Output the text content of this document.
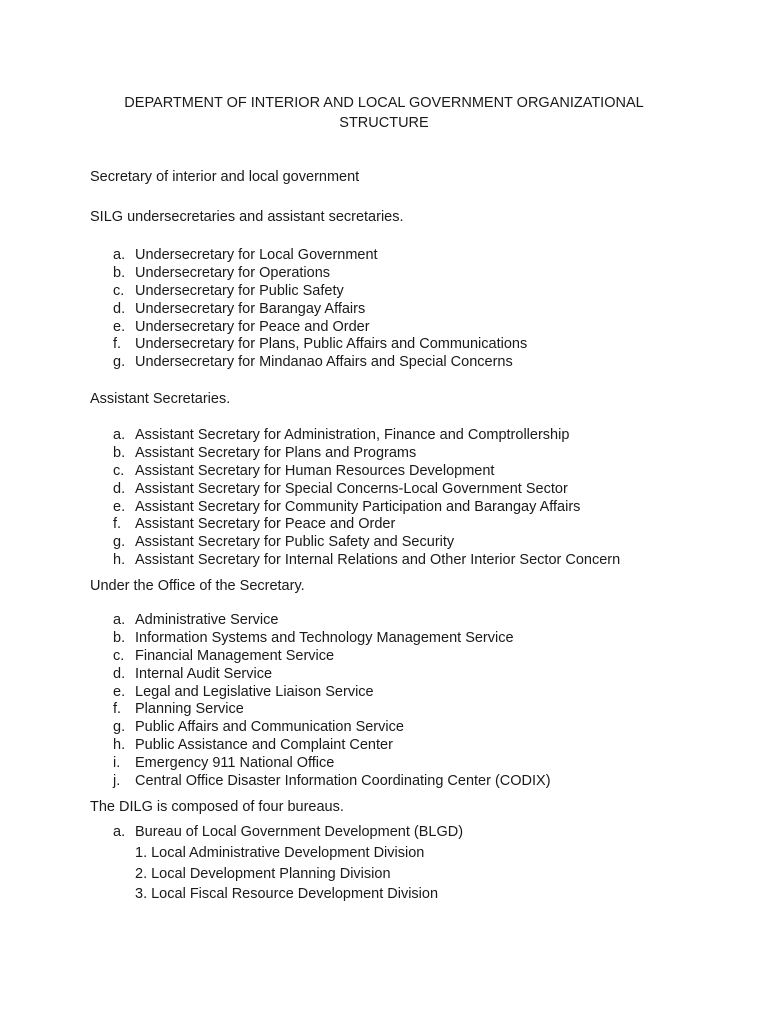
DEPARTMENT OF INTERIOR AND LOCAL GOVERNMENT ORGANIZATIONAL
STRUCTURE
Secretary of interior and local government
SILG undersecretaries and assistant secretaries.
a. Undersecretary for Local Government
b. Undersecretary for Operations
c. Undersecretary for Public Safety
d. Undersecretary for Barangay Affairs
e. Undersecretary for Peace and Order
f. Undersecretary for Plans, Public Affairs and Communications
g. Undersecretary for Mindanao Affairs and Special Concerns
Assistant Secretaries.
a. Assistant Secretary for Administration, Finance and Comptrollership
b. Assistant Secretary for Plans and Programs
c. Assistant Secretary for Human Resources Development
d. Assistant Secretary for Special Concerns-Local Government Sector
e. Assistant Secretary for Community Participation and Barangay Affairs
f. Assistant Secretary for Peace and Order
g. Assistant Secretary for Public Safety and Security
h. Assistant Secretary for Internal Relations and Other Interior Sector Concern
Under the Office of the Secretary.
a. Administrative Service
b. Information Systems and Technology Management Service
c. Financial Management Service
d. Internal Audit Service
e. Legal and Legislative Liaison Service
f. Planning Service
g. Public Affairs and Communication Service
h. Public Assistance and Complaint Center
i. Emergency 911 National Office
j. Central Office Disaster Information Coordinating Center (CODIX)
The DILG is composed of four bureaus.
a. Bureau of Local Government Development (BLGD)
1. Local Administrative Development Division
2. Local Development Planning Division
3. Local Fiscal Resource Development Division
